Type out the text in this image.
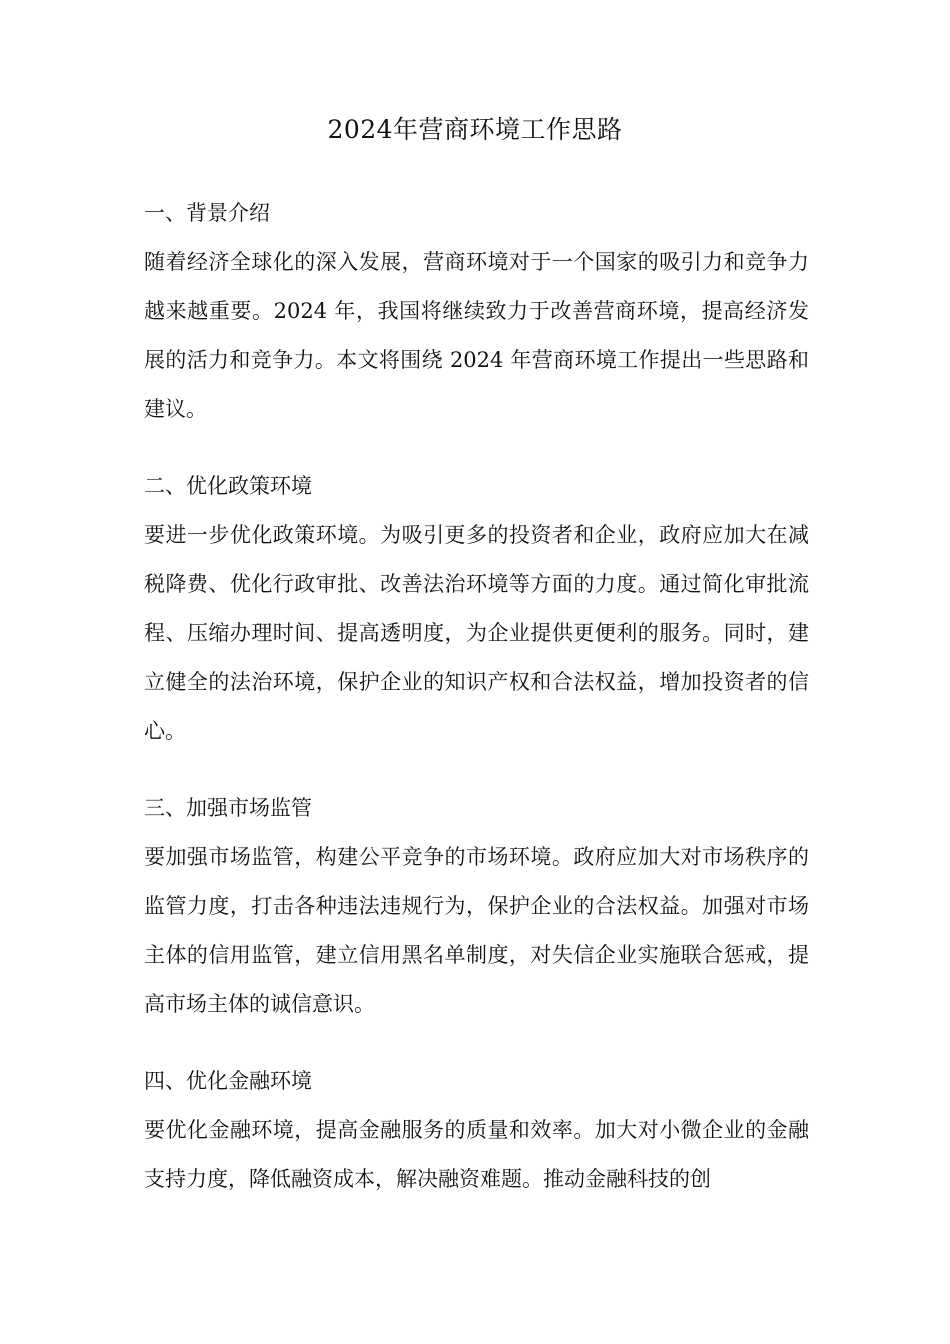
2024年营商环境工作思路

一、背景介绍

随着经济全球化的深入发展，营商环境对于一个国家的吸引力和竞争力越来越重要。2024 年，我国将继续致力于改善营商环境，提高经济发展的活力和竞争力。本文将围绕 2024 年营商环境工作提出一些思路和建议。

二、优化政策环境

要进一步优化政策环境。为吸引更多的投资者和企业，政府应加大在减税降费、优化行政审批、改善法治环境等方面的力度。通过简化审批流程、压缩办理时间、提高透明度，为企业提供更便利的服务。同时，建立健全的法治环境，保护企业的知识产权和合法权益，增加投资者的信心。

三、加强市场监管

要加强市场监管，构建公平竞争的市场环境。政府应加大对市场秩序的监管力度，打击各种违法违规行为，保护企业的合法权益。加强对市场主体的信用监管，建立信用黑名单制度，对失信企业实施联合惩戒，提高市场主体的诚信意识。

四、优化金融环境

要优化金融环境，提高金融服务的质量和效率。加大对小微企业的金融支持力度，降低融资成本，解决融资难题。推动金融科技的创
